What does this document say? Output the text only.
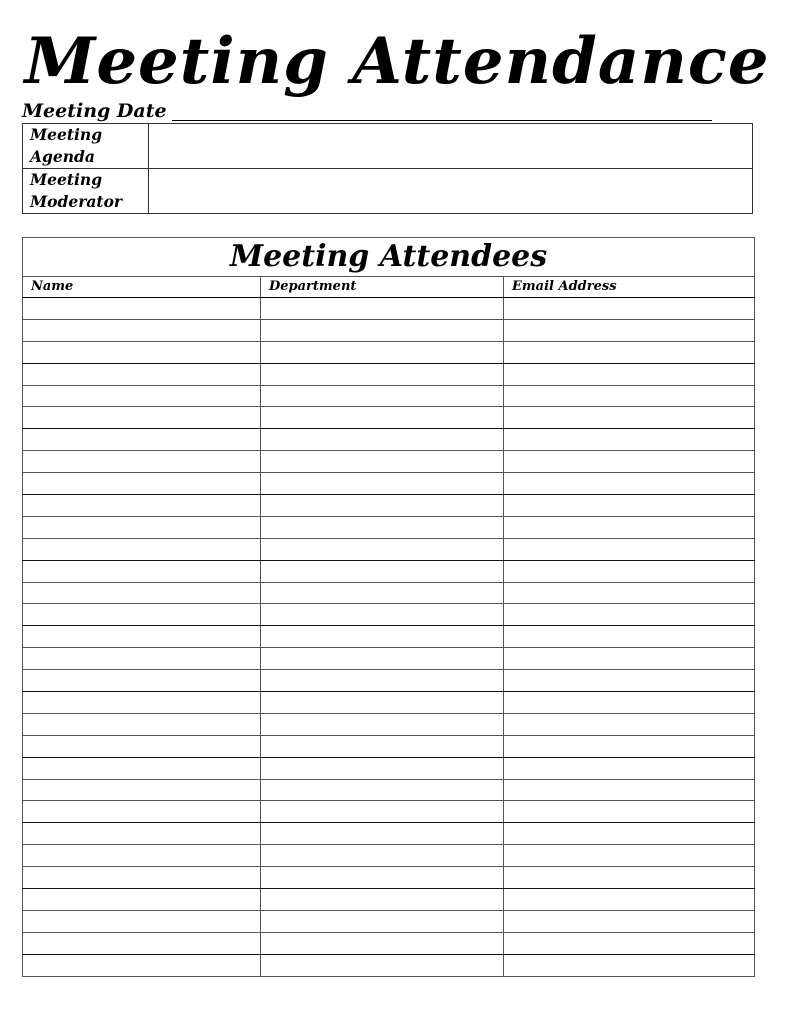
Meeting Attendance
Meeting Date
Meeting
Agenda	

Meeting
Moderator	

Meeting Attendees		
Name	Department	Email Address
